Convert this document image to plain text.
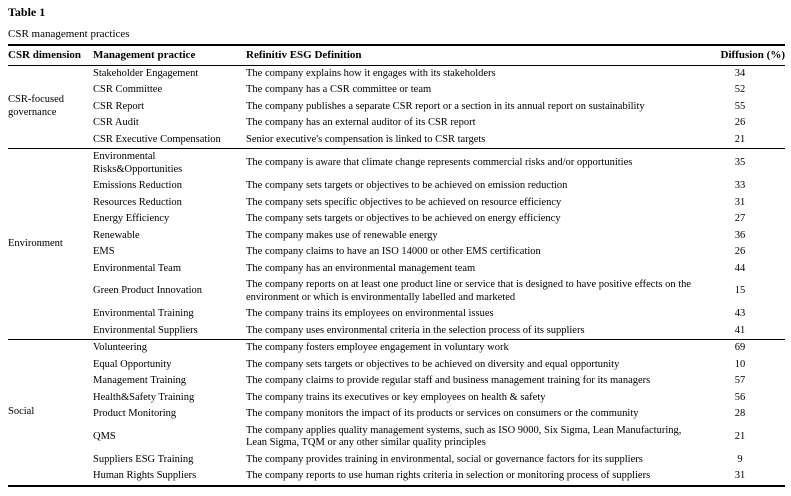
Table 1
CSR management practices
CSR dimension	Management practice	Refinitiv ESG Definition	Diffusion (%)
CSR-focused governance	Stakeholder Engagement	The company explains how it engages with its stakeholders	34
	CSR Committee	The company has a CSR committee or team	52
	CSR Report	The company publishes a separate CSR report or a section in its annual report on sustainability	55
	CSR Audit	The company has an external auditor of its CSR report	26
	CSR Executive Compensation	Senior executive's compensation is linked to CSR targets	21
Environment	Environmental Risks&Opportunities	The company is aware that climate change represents commercial risks and/or opportunities	35
	Emissions Reduction	The company sets targets or objectives to be achieved on emission reduction	33
	Resources Reduction	The company sets specific objectives to be achieved on resource efficiency	31
	Energy Efficiency	The company sets targets or objectives to be achieved on energy efficiency	27
	Renewable	The company makes use of renewable energy	36
	EMS	The company claims to have an ISO 14000 or other EMS certification	26
	Environmental Team	The company has an environmental management team	44
	Green Product Innovation	The company reports on at least one product line or service that is designed to have positive effects on the environment or which is environmentally labelled and marketed	15
	Environmental Training	The company trains its employees on environmental issues	43
	Environmental Suppliers	The company uses environmental criteria in the selection process of its suppliers	41
Social	Volunteering	The company fosters employee engagement in voluntary work	69
	Equal Opportunity	The company sets targets or objectives to be achieved on diversity and equal opportunity	10
	Management Training	The company claims to provide regular staff and business management training for its managers	57
	Health&Safety Training	The company trains its executives or key employees on health & safety	56
	Product Monitoring	The company monitors the impact of its products or services on consumers or the community	28
	QMS	The company applies quality management systems, such as ISO 9000, Six Sigma, Lean Manufacturing, Lean Sigma, TQM or any other similar quality principles	21
	Suppliers ESG Training	The company provides training in environmental, social or governance factors for its suppliers	9
	Human Rights Suppliers	The company reports to use human rights criteria in selection or monitoring process of suppliers	31
